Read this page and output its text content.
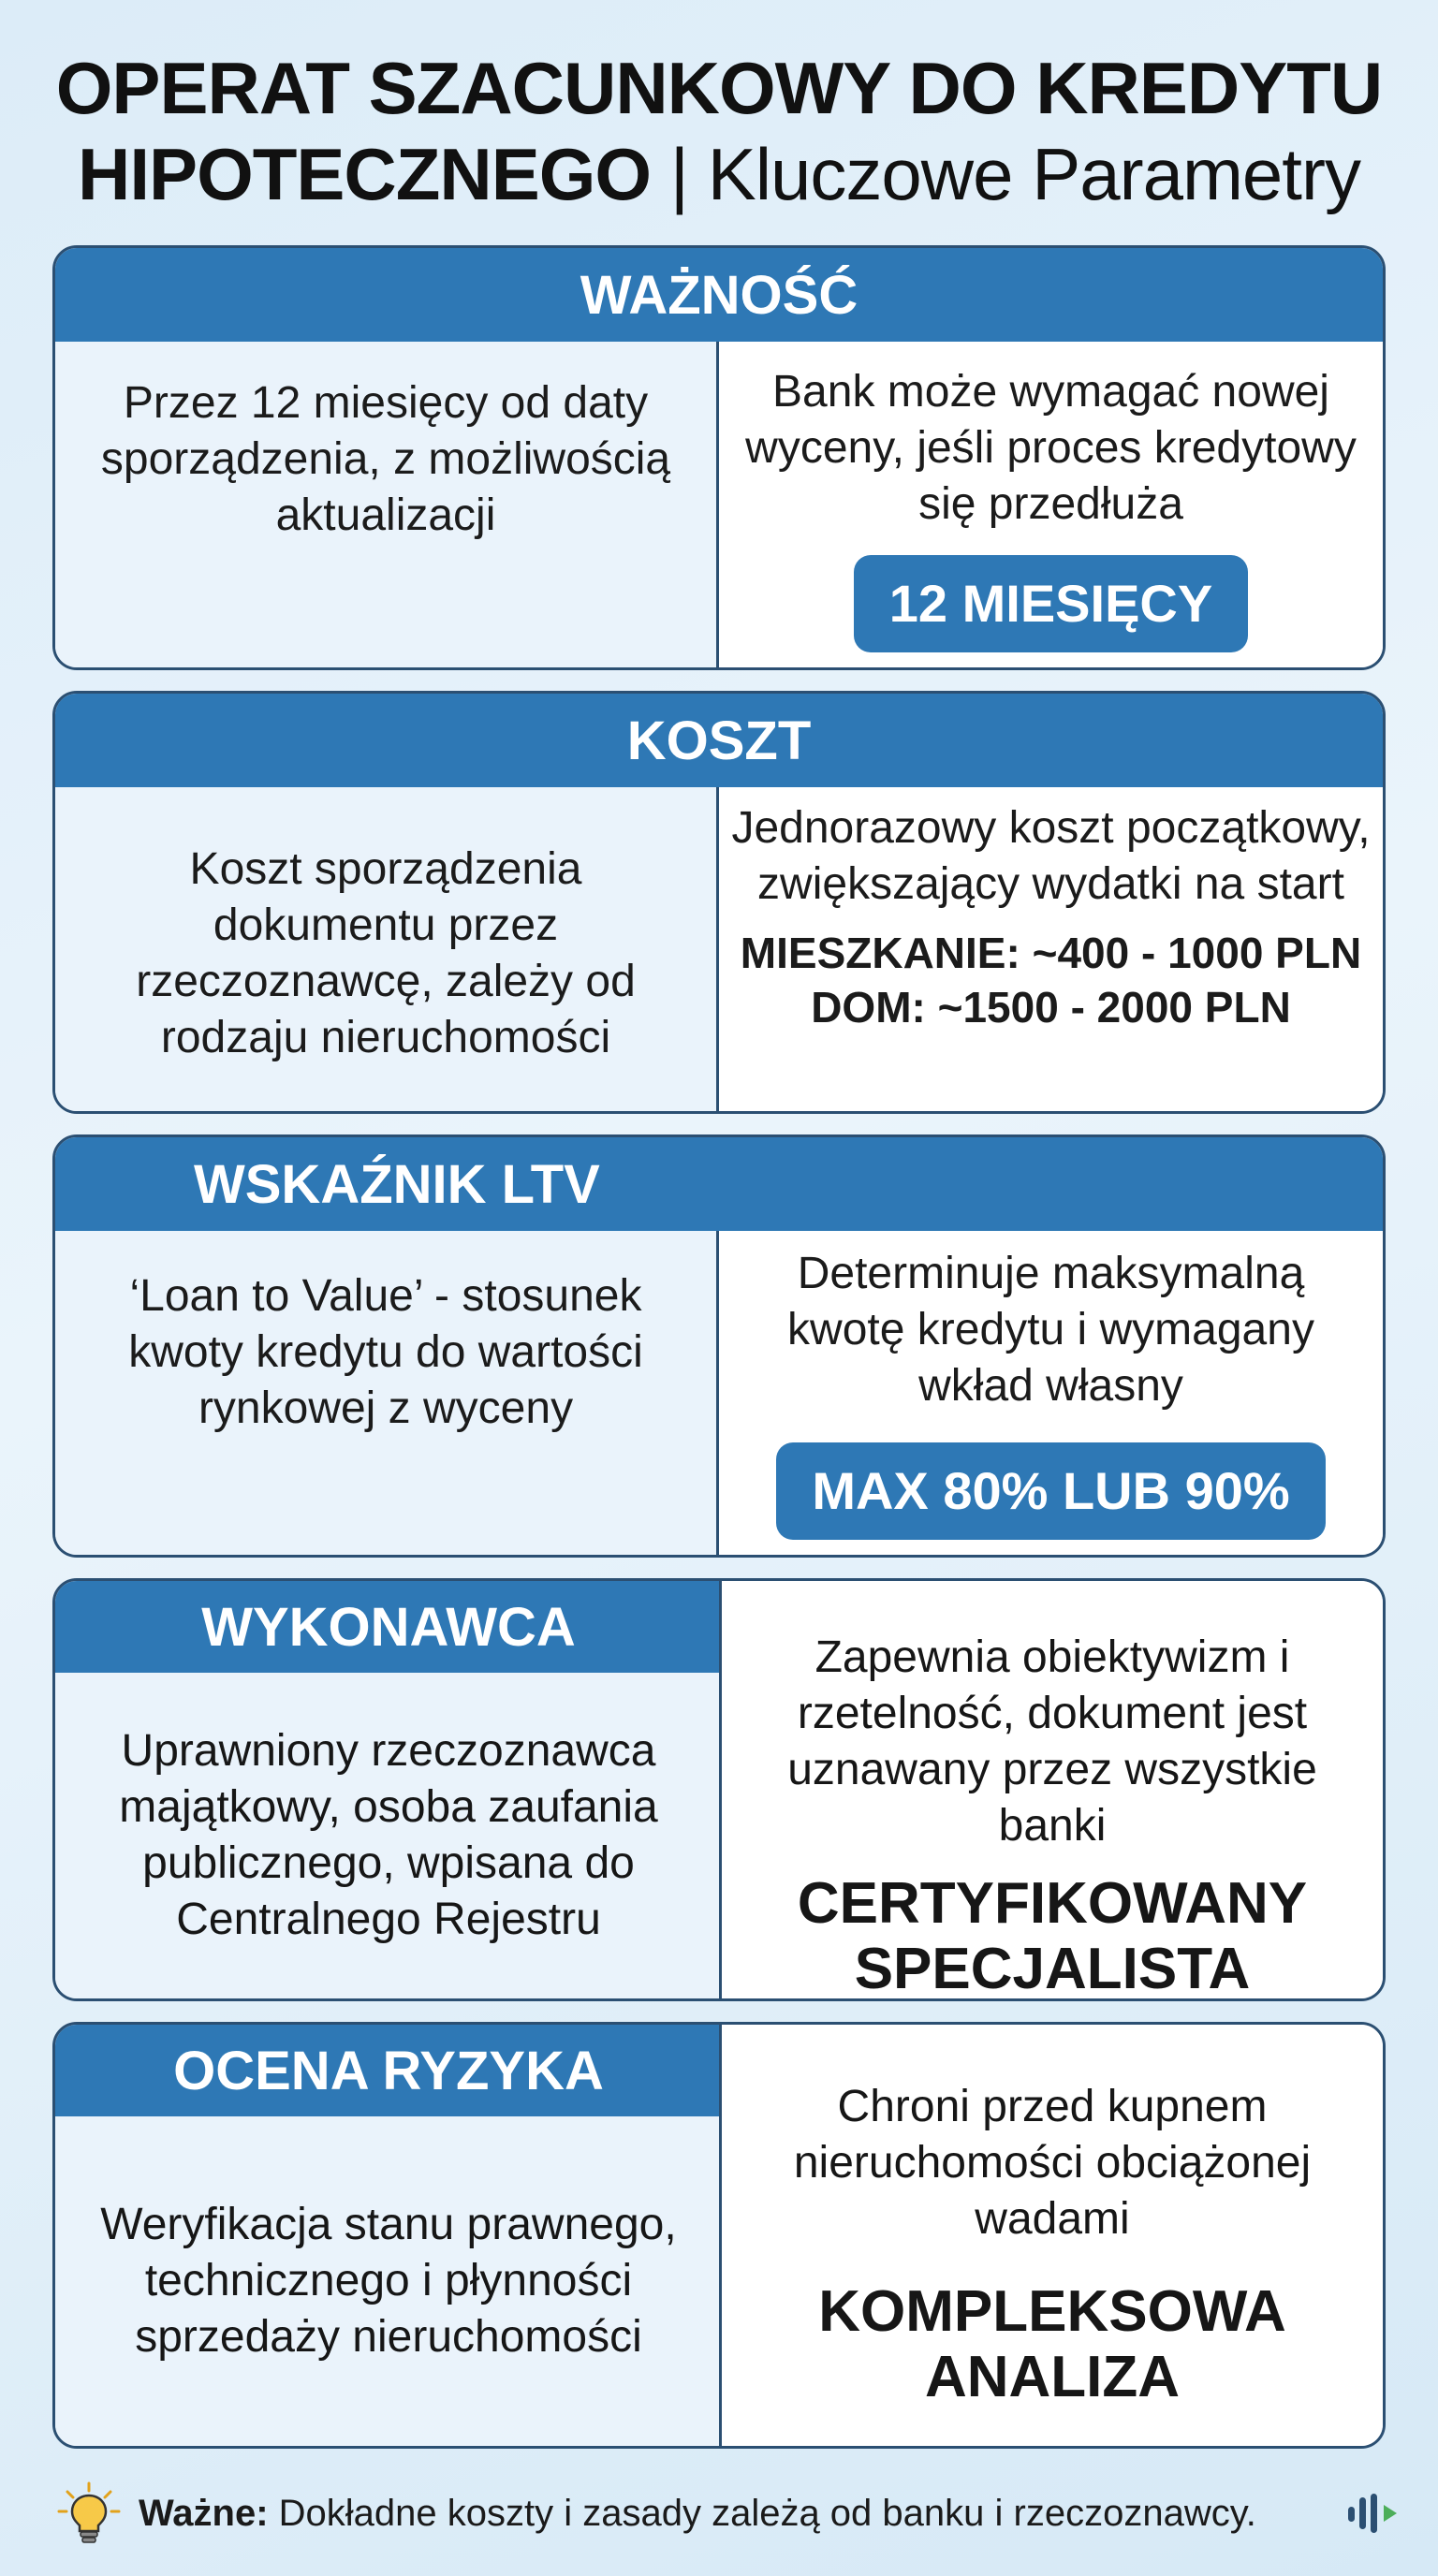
OPERAT SZACUNKOWY DO KREDYTU
HIPOTECZNEGO | Kluczowe Parametry
WAŻNOŚĆ
Przez 12 miesięcy od daty sporządzenia, z możliwością aktualizacji
Bank może wymagać nowej wyceny, jeśli proces kredytowy się przedłuża
12 MIESIĘCY
KOSZT
Koszt sporządzenia dokumentu przez rzeczoznawcę, zależy od rodzaju nieruchomości
Jednorazowy koszt początkowy, zwiększający wydatki na start
MIESZKANIE: ~400 - 1000 PLN
DOM: ~1500 - 2000 PLN
WSKAŹNIK LTV
‘Loan to Value’ - stosunek kwoty kredytu do wartości rynkowej z wyceny
Determinuje maksymalną kwotę kredytu i wymagany wkład własny
MAX 80% LUB 90%
WYKONAWCA
Uprawniony rzeczoznawca majątkowy, osoba zaufania publicznego, wpisana do Centralnego Rejestru
Zapewnia obiektywizm i rzetelność, dokument jest uznawany przez wszystkie banki
CERTYFIKOWANY
SPECJALISTA
OCENA RYZYKA
Weryfikacja stanu prawnego, technicznego i płynności sprzedaży nieruchomości
Chroni przed kupnem nieruchomości obciążonej wadami
KOMPLEKSOWA
ANALIZA
Ważne: Dokładne koszty i zasady zależą od banku i rzeczoznawcy.
